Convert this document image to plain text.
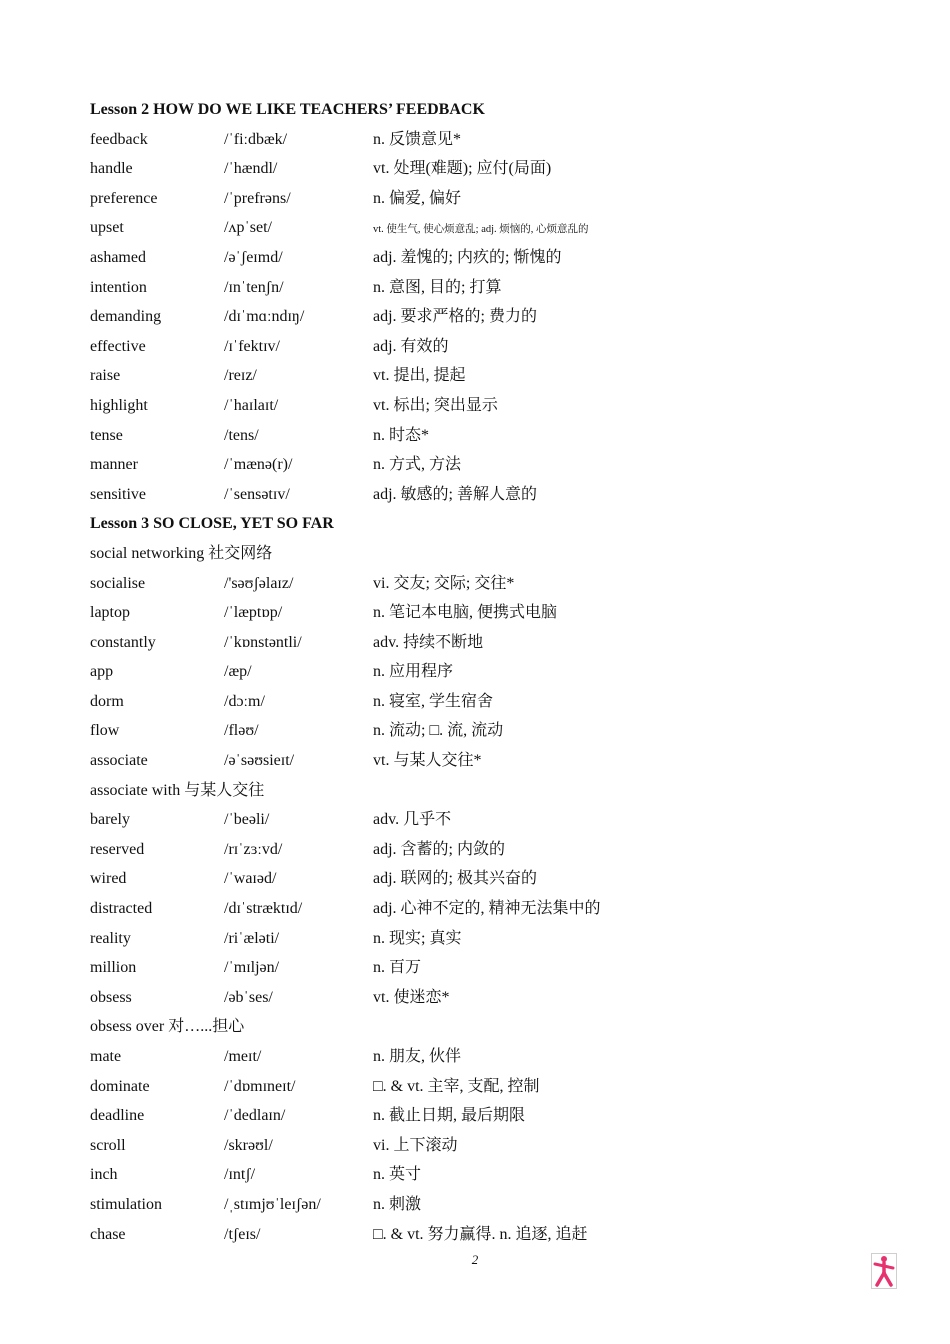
Lesson 2 HOW DO WE LIKE TEACHERS’ FEEDBACK
feedback	/ˈfiːdbæk/	n. 反馈意见*
handle	/ˈhændl/	vt. 处理(难题); 应付(局面)
preference	/ˈprefrəns/	n. 偏爱, 偏好
upset	/ʌpˈset/	vt. 使生气, 使心烦意乱; adj. 烦恼的, 心烦意乱的
ashamed	/əˈʃeɪmd/	adj. 羞愧的; 内疚的; 惭愧的
intention	/ɪnˈtenʃn/	n. 意图, 目的; 打算
demanding	/dɪˈmɑːndɪŋ/	adj. 要求严格的; 费力的
effective	/ɪˈfektɪv/	adj. 有效的
raise	/reɪz/	vt. 提出, 提起
highlight	/ˈhaɪlaɪt/	vt. 标出; 突出显示
tense	/tens/	n. 时态*
manner	/ˈmænə(r)/	n. 方式, 方法
sensitive	/ˈsensətɪv/	adj. 敏感的; 善解人意的
Lesson 3 SO CLOSE, YET SO FAR
social networking 社交网络
socialise	/'səʊʃəlaɪz/	vi. 交友; 交际; 交往*
laptop	/ˈlæptɒp/	n. 笔记本电脑, 便携式电脑
constantly	/ˈkɒnstəntli/	adv. 持续不断地
app	/æp/	n. 应用程序
dorm	/dɔːm/	n. 寝室, 学生宿舍
flow	/fləʊ/	n. 流动; □. 流, 流动
associate	/əˈsəʊsieɪt/	vt. 与某人交往*
associate with 与某人交往
barely	/ˈbeəli/	adv. 几乎不
reserved	/rɪˈzɜːvd/	adj. 含蓄的; 内敛的
wired	/ˈwaɪəd/	adj. 联网的; 极其兴奋的
distracted	/dɪˈstræktɪd/	adj. 心神不定的, 精神无法集中的
reality	/riˈæləti/	n. 现实; 真实
million	/ˈmɪljən/	n. 百万
obsess	/əbˈses/	vt. 使迷恋*
obsess over 对…...担心
mate	/meɪt/	n. 朋友, 伙伴
dominate	/ˈdɒmɪneɪt/	□. & vt. 主宰, 支配, 控制
deadline	/ˈdedlaɪn/	n. 截止日期, 最后期限
scroll	/skrəʊl/	vi. 上下滚动
inch	/ɪntʃ/	n. 英寸
stimulation	/ˌstɪmjʊˈleɪʃən/	n. 刺激
chase	/tʃeɪs/	□. & vt. 努力赢得. n. 追逐, 追赶
2
